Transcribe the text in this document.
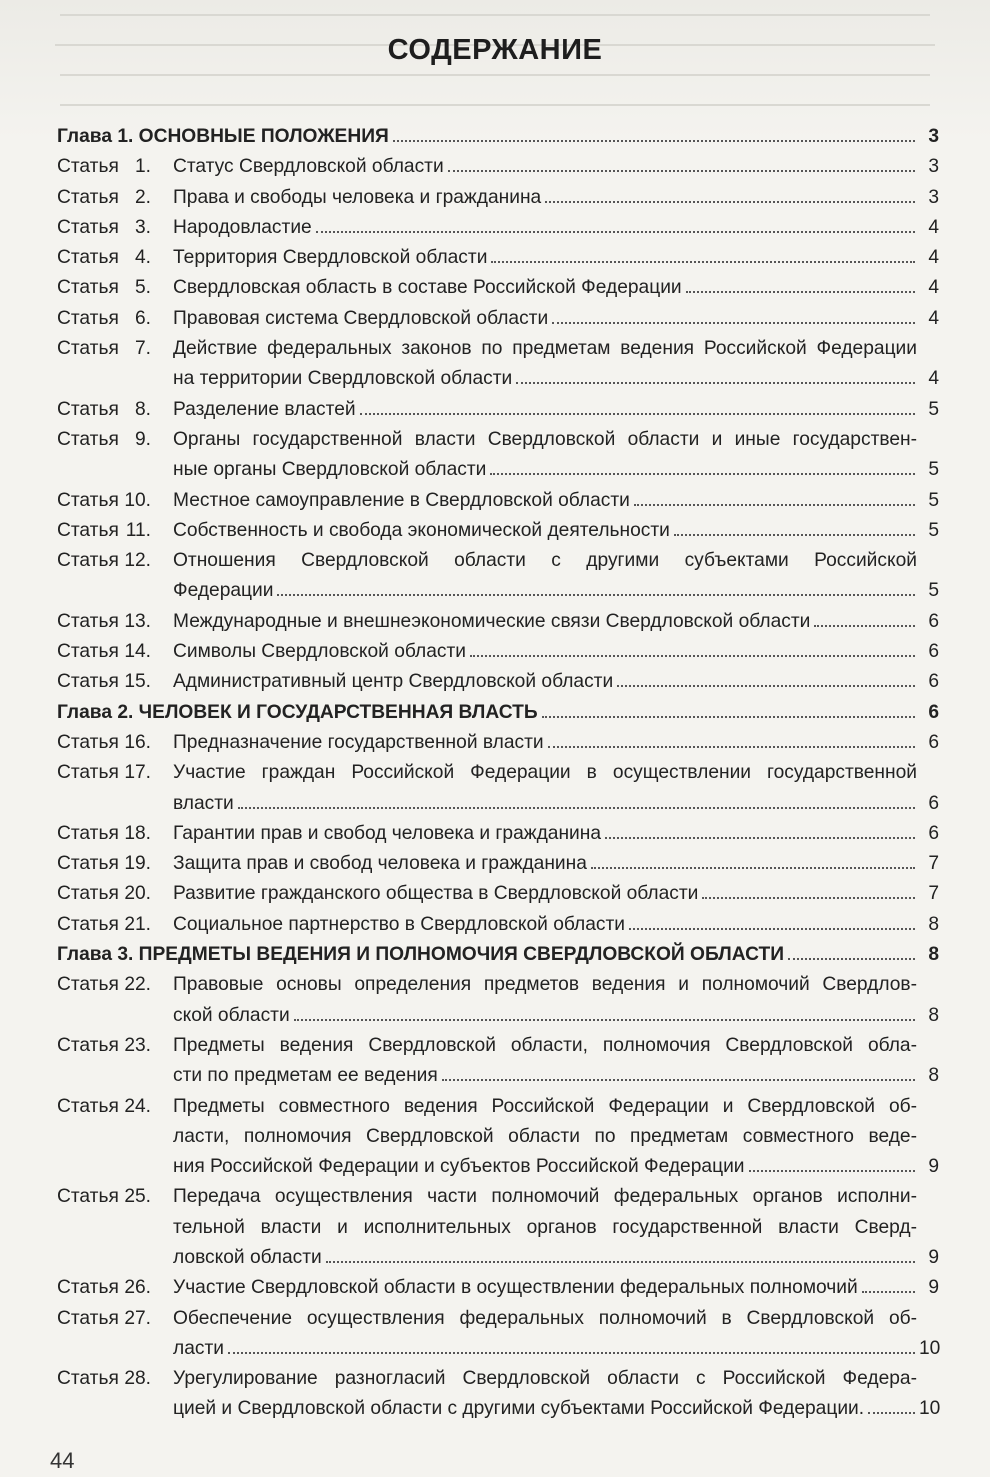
СОДЕРЖАНИЕ
Глава 1. ОСНОВНЫЕ ПОЛОЖЕНИЯ	3
Статья 1.	Статус Свердловской области	3
Статья 2.	Права и свободы человека и гражданина	3
Статья 3.	Народовластие	4
Статья 4.	Территория Свердловской области	4
Статья 5.	Свердловская область в составе Российской Федерации	4
Статья 6.	Правовая система Свердловской области	4
Статья 7.	Действие федеральных законов по предметам ведения Российской Федерации
на территории Свердловской области	4
Статья 8.	Разделение властей	5
Статья 9.	Органы государственной власти Свердловской области и иные государствен-
ные органы Свердловской области	5
Статья 10.	Местное самоуправление в Свердловской области	5
Статья 11.	Собственность и свобода экономической деятельности	5
Статья 12.	Отношения Свердловской области с другими субъектами Российской
Федерации	5
Статья 13.	Международные и внешнеэкономические связи Свердловской области	6
Статья 14.	Символы Свердловской области	6
Статья 15.	Административный центр Свердловской области	6
Глава 2. ЧЕЛОВЕК И ГОСУДАРСТВЕННАЯ ВЛАСТЬ	6
Статья 16.	Предназначение государственной власти	6
Статья 17.	Участие граждан Российской Федерации в осуществлении государственной
власти	6
Статья 18.	Гарантии прав и свобод человека и гражданина	6
Статья 19.	Защита прав и свобод человека и гражданина	7
Статья 20.	Развитие гражданского общества в Свердловской области	7
Статья 21.	Социальное партнерство в Свердловской области	8
Глава 3. ПРЕДМЕТЫ ВЕДЕНИЯ И ПОЛНОМОЧИЯ СВЕРДЛОВСКОЙ ОБЛАСТИ	8
Статья 22.	Правовые основы определения предметов ведения и полномочий Свердлов-
ской области	8
Статья 23.	Предметы ведения Свердловской области, полномочия Свердловской обла-
сти по предметам ее ведения	8
Статья 24.	Предметы совместного ведения Российской Федерации и Свердловской об-
ласти, полномочия Свердловской области по предметам совместного веде-
ния Российской Федерации и субъектов Российской Федерации	9
Статья 25.	Передача осуществления части полномочий федеральных органов исполни-
тельной власти и исполнительных органов государственной власти Сверд-
ловской области	9
Статья 26.	Участие Свердловской области в осуществлении федеральных полномочий	9
Статья 27.	Обеспечение осуществления федеральных полномочий в Свердловской об-
ласти	10
Статья 28.	Урегулирование разногласий Свердловской области с Российской Федера-
цией и Свердловской области с другими субъектами Российской Федерации.	10
44
